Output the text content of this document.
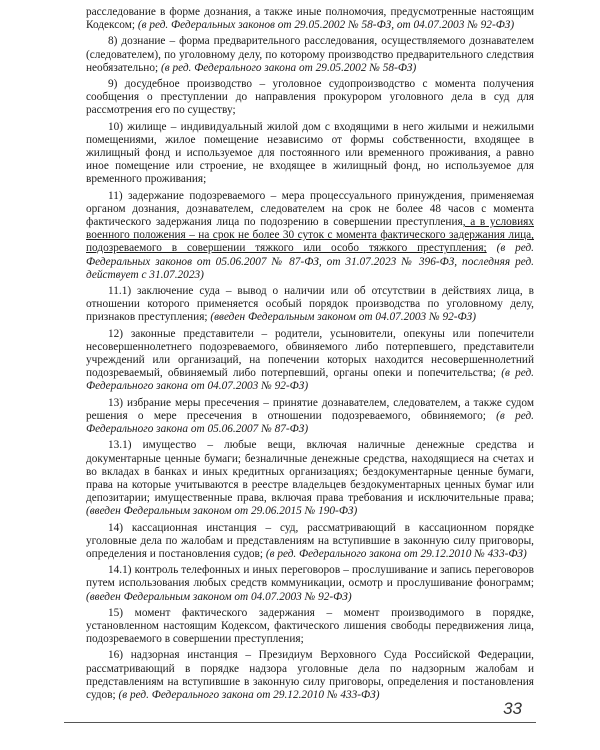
расследование в форме дознания, а также иные полномочия, предусмотренные настоящим Кодексом; (в ред. Федеральных законов от 29.05.2002 № 58-ФЗ, от 04.07.2003 № 92-ФЗ)

8) дознание – форма предварительного расследования, осуществляемого дознавателем (следователем), по уголовному делу, по которому производство предварительного следствия необязательно; (в ред. Федерального закона от 29.05.2002 № 58-ФЗ)

9) досудебное производство – уголовное судопроизводство с момента получения сообщения о преступлении до направления прокурором уголовного дела в суд для рассмотрения его по существу;

10) жилище – индивидуальный жилой дом с входящими в него жилыми и нежилыми помещениями, жилое помещение независимо от формы собственности, входящее в жилищный фонд и используемое для постоянного или временного проживания, а равно иное помещение или строение, не входящее в жилищный фонд, но используемое для временного проживания;

11) задержание подозреваемого – мера процессуального принуждения, применяемая органом дознания, дознавателем, следователем на срок не более 48 часов с момента фактического задержания лица по подозрению в совершении преступления, а в условиях военного положения – на срок не более 30 суток с момента фактического задержания лица, подозреваемого в совершении тяжкого или особо тяжкого преступления; (в ред. Федеральных законов от 05.06.2007 № 87-ФЗ, от 31.07.2023 № 396-ФЗ, последняя ред. действует с 31.07.2023)

11.1) заключение суда – вывод о наличии или об отсутствии в действиях лица, в отношении которого применяется особый порядок производства по уголовному делу, признаков преступления; (введен Федеральным законом от 04.07.2003 № 92-ФЗ)

12) законные представители – родители, усыновители, опекуны или попечители несовершеннолетнего подозреваемого, обвиняемого либо потерпевшего, представители учреждений или организаций, на попечении которых находится несовершеннолетний подозреваемый, обвиняемый либо потерпевший, органы опеки и попечительства; (в ред. Федерального закона от 04.07.2003 № 92-ФЗ)

13) избрание меры пресечения – принятие дознавателем, следователем, а также судом решения о мере пресечения в отношении подозреваемого, обвиняемого; (в ред. Федерального закона от 05.06.2007 № 87-ФЗ)

13.1) имущество – любые вещи, включая наличные денежные средства и документарные ценные бумаги; безналичные денежные средства, находящиеся на счетах и во вкладах в банках и иных кредитных организациях; бездокументарные ценные бумаги, права на которые учитываются в реестре владельцев бездокументарных ценных бумаг или депозитарии; имущественные права, включая права требования и исключительные права; (введен Федеральным законом от 29.06.2015 № 190-ФЗ)

14) кассационная инстанция – суд, рассматривающий в кассационном порядке уголовные дела по жалобам и представлениям на вступившие в законную силу приговоры, определения и постановления судов; (в ред. Федерального закона от 29.12.2010 № 433-ФЗ)

14.1) контроль телефонных и иных переговоров – прослушивание и запись переговоров путем использования любых средств коммуникации, осмотр и прослушивание фонограмм; (введен Федеральным законом от 04.07.2003 № 92-ФЗ)

15) момент фактического задержания – момент производимого в порядке, установленном настоящим Кодексом, фактического лишения свободы передвижения лица, подозреваемого в совершении преступления;

16) надзорная инстанция – Президиум Верховного Суда Российской Федерации, рассматривающий в порядке надзора уголовные дела по надзорным жалобам и представлениям на вступившие в законную силу приговоры, определения и постановления судов; (в ред. Федерального закона от 29.12.2010 № 433-ФЗ)

33
